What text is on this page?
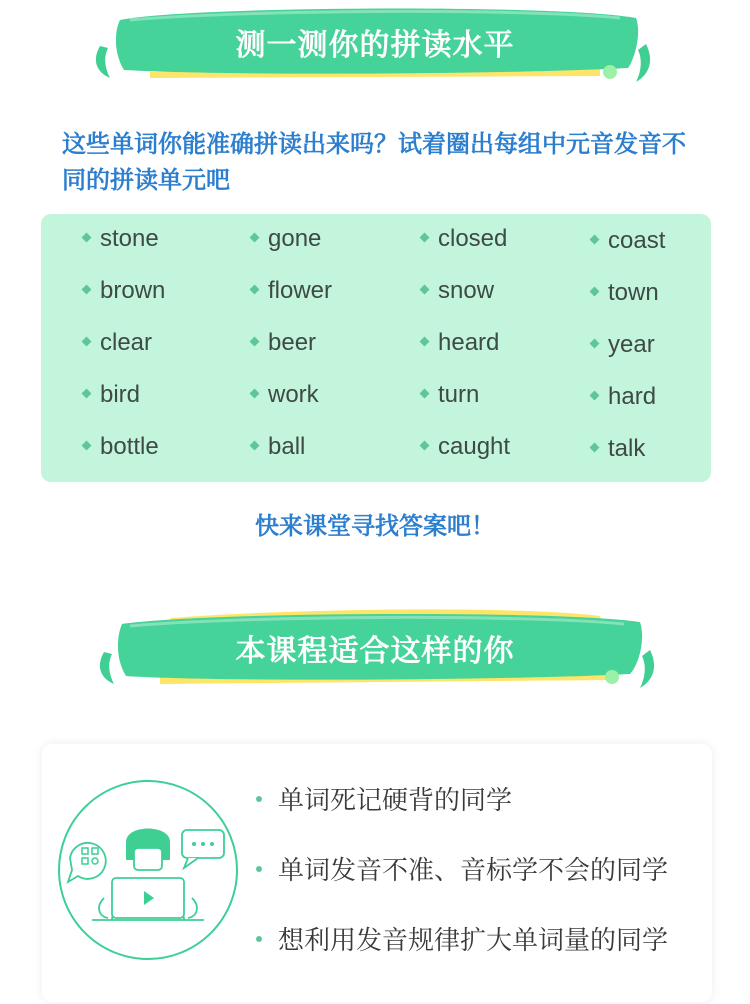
测一测你的拼读水平
这些单词你能准确拼读出来吗？试着圈出每组中元音发音不同的拼读单元吧
stone	gone	closed	coast
brown	flower	snow	town
clear	beer	heard	year
bird	work	turn	hard
bottle	ball	caught	talk
快来课堂寻找答案吧！
本课程适合这样的你
单词死记硬背的同学
单词发音不准、音标学不会的同学
想利用发音规律扩大单词量的同学
